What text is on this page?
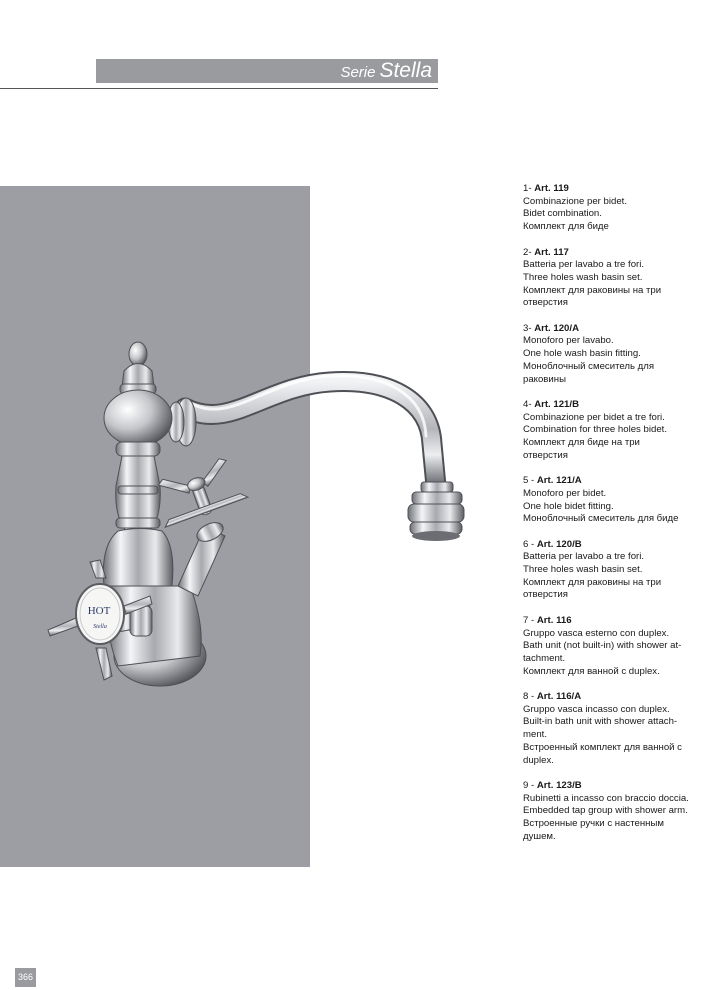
Serie Stella
HOT
Stella
1- Art. 119
Combinazione per bidet.
Bidet combination.
Комплект для биде
2- Art. 117
Batteria per lavabo a tre fori.
Three holes wash basin set.
Комплект для раковины на три
отверстия
3- Art. 120/A
Monoforo per lavabo.
One hole wash basin fitting.
Моноблочный смеситель для
раковины
4- Art. 121/B
Combinazione per bidet a tre fori.
Combination for three holes bidet.
Комплект для биде на три
отверстия
5 - Art. 121/A
Monoforo per bidet.
One hole bidet fitting.
Моноблочный смеситель для биде
6 - Art. 120/B
Batteria per lavabo a tre fori.
Three holes wash basin set.
Комплект для раковины на три
отверстия
7 - Art. 116
Gruppo vasca esterno con duplex.
Bath unit (not built-in) with shower at-
tachment.
Комплект для ванной с duplex.
8 - Art. 116/A
Gruppo vasca incasso con duplex.
Built-in bath unit with shower attach-
ment.
Встроенный комплект для ванной с
duplex.
9 - Art. 123/B
Rubinetti a incasso con braccio doccia.
Embedded tap group with shower arm.
Встроенные ручки с настенным
душем.
366
